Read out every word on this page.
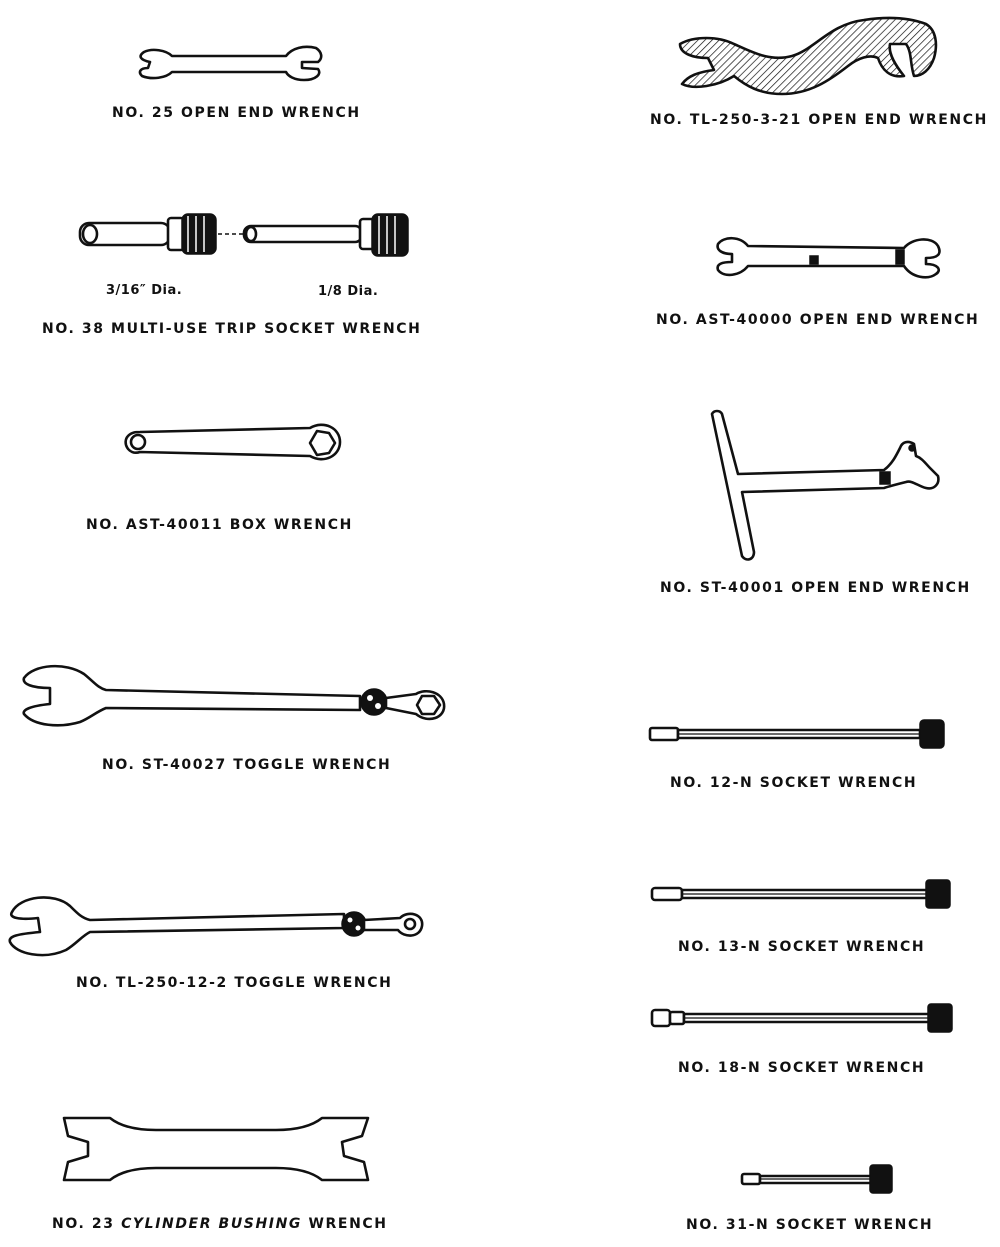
NO. 25 OPEN END WRENCH
3/16″ Dia.	1/8 Dia.
NO. 38 MULTI-USE TRIP SOCKET WRENCH
NO. AST-40011 BOX WRENCH
NO. ST-40027 TOGGLE WRENCH
NO. TL-250-12-2 TOGGLE WRENCH
NO. 23 CYLINDER BUSHING WRENCH
NO. TL-250-3-21 OPEN END WRENCH
NO. AST-40000 OPEN END WRENCH
NO. ST-40001 OPEN END WRENCH
NO. 12-N SOCKET WRENCH
NO. 13-N SOCKET WRENCH
NO. 18-N SOCKET WRENCH
NO. 31-N SOCKET WRENCH
